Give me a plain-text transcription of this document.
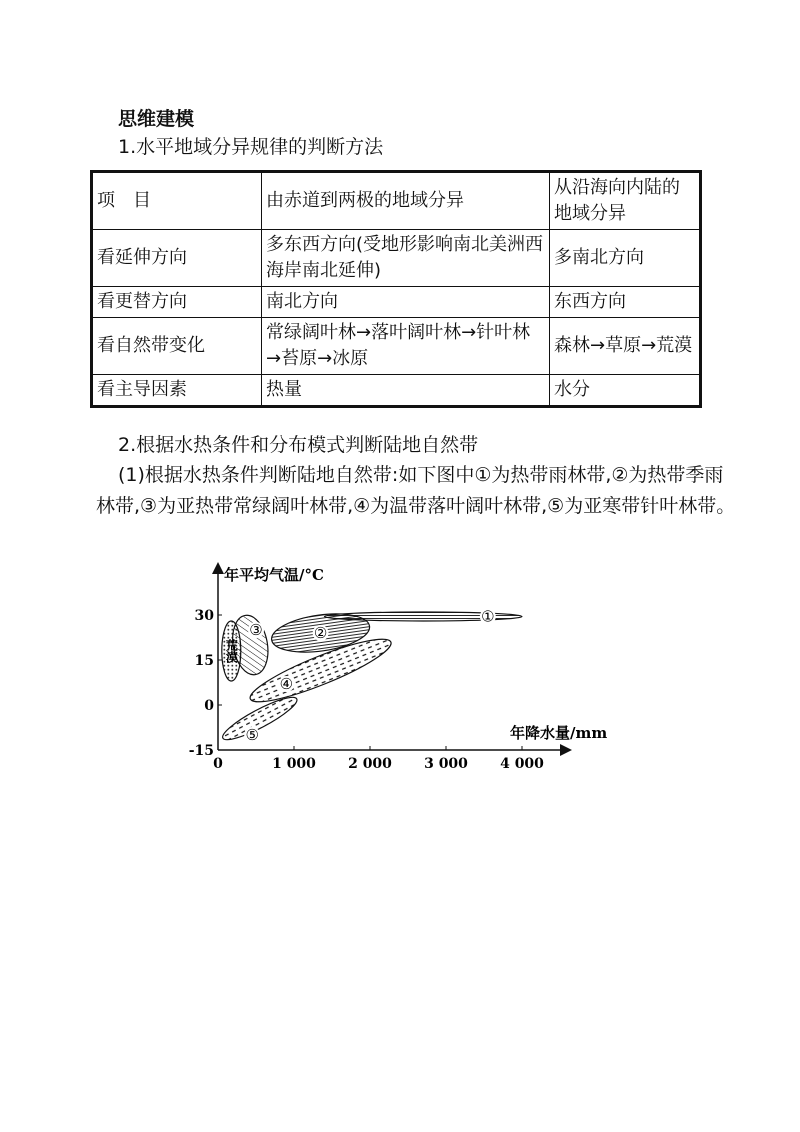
思维建模
1.水平地域分异规律的判断方法
项　目	由赤道到两极的地域分异	从沿海向内陆的地域分异
看延伸方向	多东西方向(受地形影响南北美洲西海岸南北延伸)	多南北方向
看更替方向	南北方向	东西方向
看自然带变化	常绿阔叶林→落叶阔叶林→针叶林→苔原→冰原	森林→草原→荒漠
看主导因素	热量	水分
2.根据水热条件和分布模式判断陆地自然带
(1)根据水热条件判断陆地自然带:如下图中①为热带雨林带,②为热带季雨林带,③为亚热带常绿阔叶林带,④为温带落叶阔叶林带,⑤为亚寒带针叶林带。
-15
0
15
30
0	1 000 2 000 3 000 4 000
年平均气温/°C
年降水量/mm
①
②
③
④
⑤
荒漠
